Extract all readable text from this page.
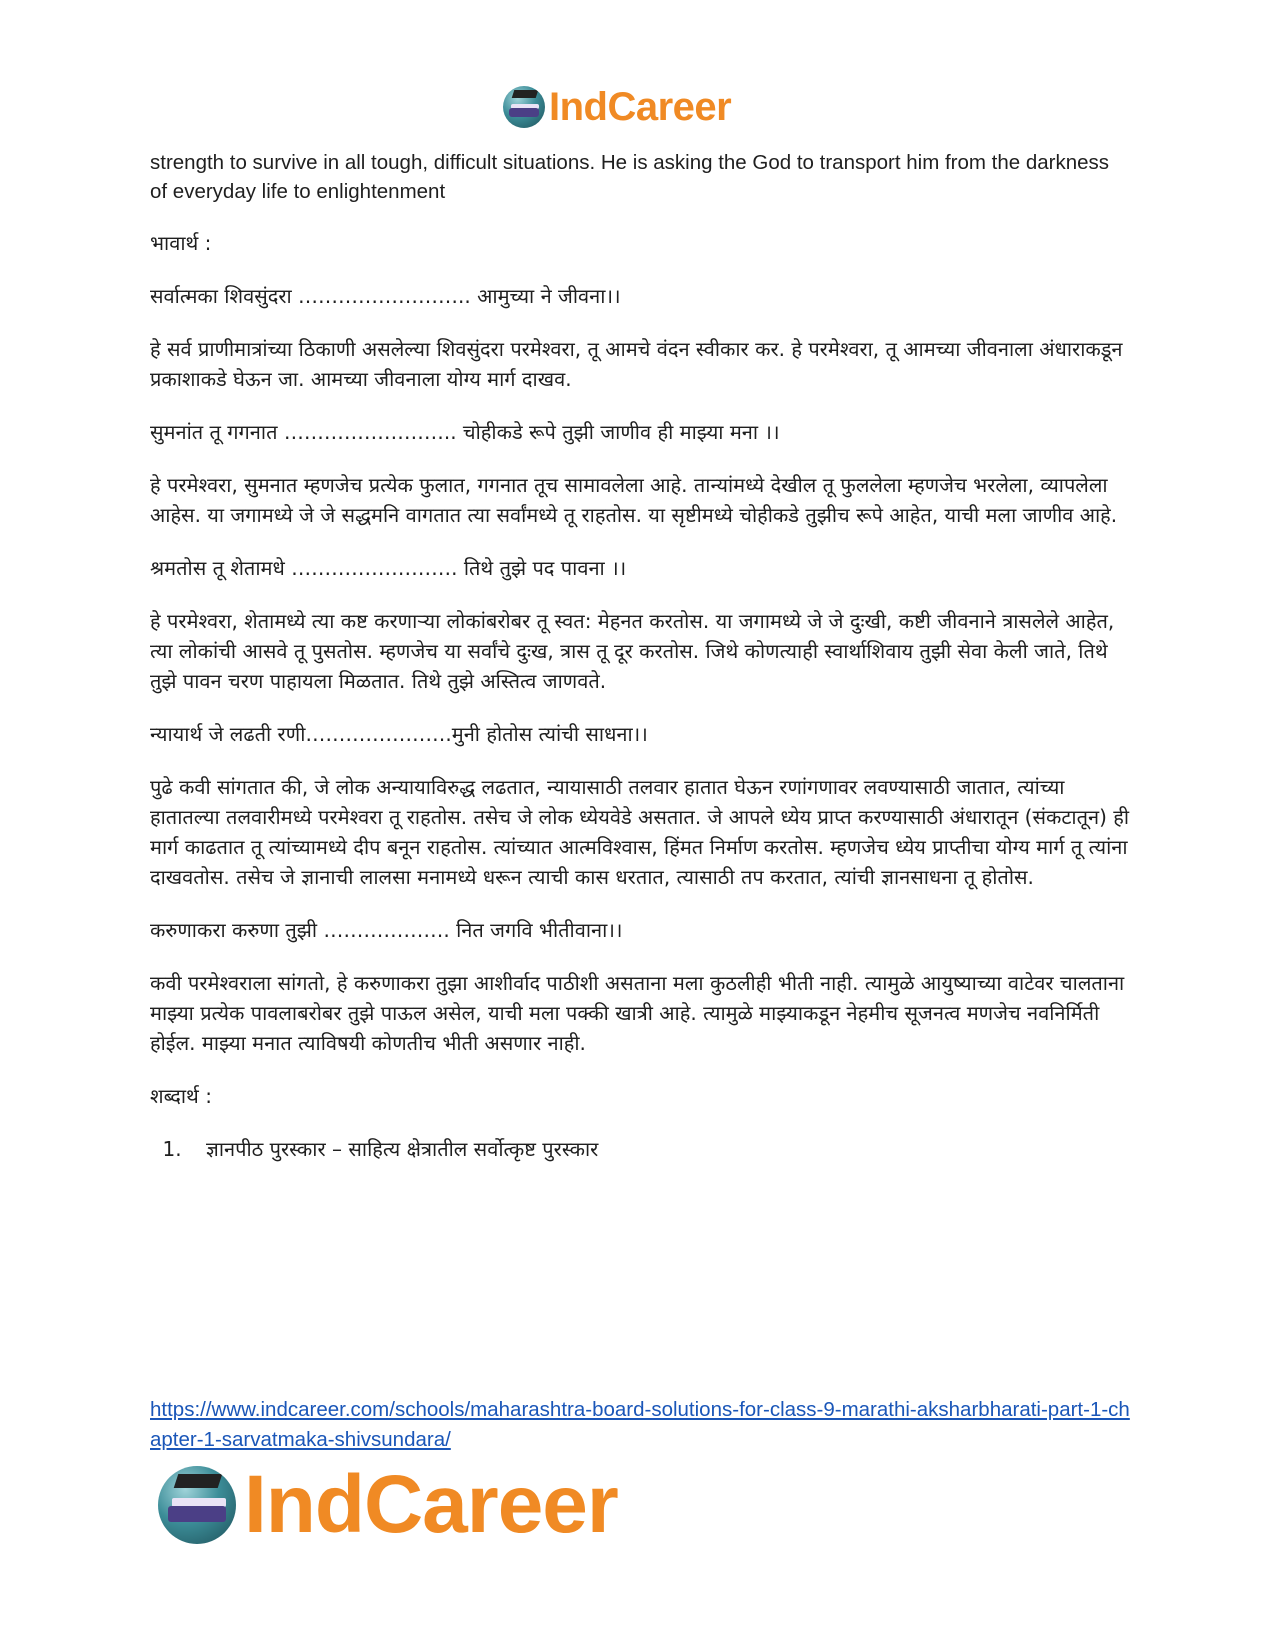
IndCareer

strength to survive in all tough, difficult situations. He is asking the God to transport him from the darkness of everyday life to enlightenment

भावार्थ :

सर्वात्मका शिवसुंदरा …………………….. आमुच्या ने जीवना।।

हे सर्व प्राणीमात्रांच्या ठिकाणी असलेल्या शिवसुंदरा परमेश्वरा, तू आमचे वंदन स्वीकार कर. हे परमेश्वरा, तू आमच्या जीवनाला अंधाराकडून प्रकाशाकडे घेऊन जा. आमच्या जीवनाला योग्य मार्ग दाखव.

सुमनांत तू गगनात …………………….. चोहीकडे रूपे तुझी जाणीव ही माझ्या मना ।।

हे परमेश्वरा, सुमनात म्हणजेच प्रत्येक फुलात, गगनात तूच सामावलेला आहे. तान्यांमध्ये देखील तू फुललेला म्हणजेच भरलेला, व्यापलेला आहेस. या जगामध्ये जे जे सद्धमनि वागतात त्या सर्वांमध्ये तू राहतोस. या सृष्टीमध्ये चोहीकडे तुझीच रूपे आहेत, याची मला जाणीव आहे.

श्रमतोस तू शेतामधे ……………………. तिथे तुझे पद पावना ।।

हे परमेश्वरा, शेतामध्ये त्या कष्ट करणाऱ्या लोकांबरोबर तू स्वत: मेहनत करतोस. या जगामध्ये जे जे दुःखी, कष्टी जीवनाने त्रासलेले आहेत, त्या लोकांची आसवे तू पुसतोस. म्हणजेच या सर्वांचे दुःख, त्रास तू दूर करतोस. जिथे कोणत्याही स्वार्थाशिवाय तुझी सेवा केली जाते, तिथे तुझे पावन चरण पाहायला मिळतात. तिथे तुझे अस्तित्व जाणवते.

न्यायार्थ जे लढती रणी………………….मुनी होतोस त्यांची साधना।।

पुढे कवी सांगतात की, जे लोक अन्यायाविरुद्ध लढतात, न्यायासाठी तलवार हातात घेऊन रणांगणावर लवण्यासाठी जातात, त्यांच्या हातातल्या तलवारीमध्ये परमेश्वरा तू राहतोस. तसेच जे लोक ध्येयवेडे असतात. जे आपले ध्येय प्राप्त करण्यासाठी अंधारातून (संकटातून) ही मार्ग काढतात तू त्यांच्यामध्ये दीप बनून राहतोस. त्यांच्यात आत्मविश्वास, हिंमत निर्माण करतोस. म्हणजेच ध्येय प्राप्तीचा योग्य मार्ग तू त्यांना दाखवतोस. तसेच जे ज्ञानाची लालसा मनामध्ये धरून त्याची कास धरतात, त्यासाठी तप करतात, त्यांची ज्ञानसाधना तू होतोस.

करुणाकरा करुणा तुझी ………………. नित जगवि भीतीवाना।।

कवी परमेश्वराला सांगतो, हे करुणाकरा तुझा आशीर्वाद पाठीशी असताना मला कुठलीही भीती नाही. त्यामुळे आयुष्याच्या वाटेवर चालताना माझ्या प्रत्येक पावलाबरोबर तुझे पाऊल असेल, याची मला पक्की खात्री आहे. त्यामुळे माझ्याकडून नेहमीच सूजनत्व मणजेच नवनिर्मिती होईल. माझ्या मनात त्याविषयी कोणतीच भीती असणार नाही.

शब्दार्थ :

1. ज्ञानपीठ पुरस्कार – साहित्य क्षेत्रातील सर्वोत्कृष्ट पुरस्कार
https://www.indcareer.com/schools/maharashtra-board-solutions-for-class-9-marathi-aksharbharati-part-1-chapter-1-sarvatmaka-shivsundara/
IndCareer
